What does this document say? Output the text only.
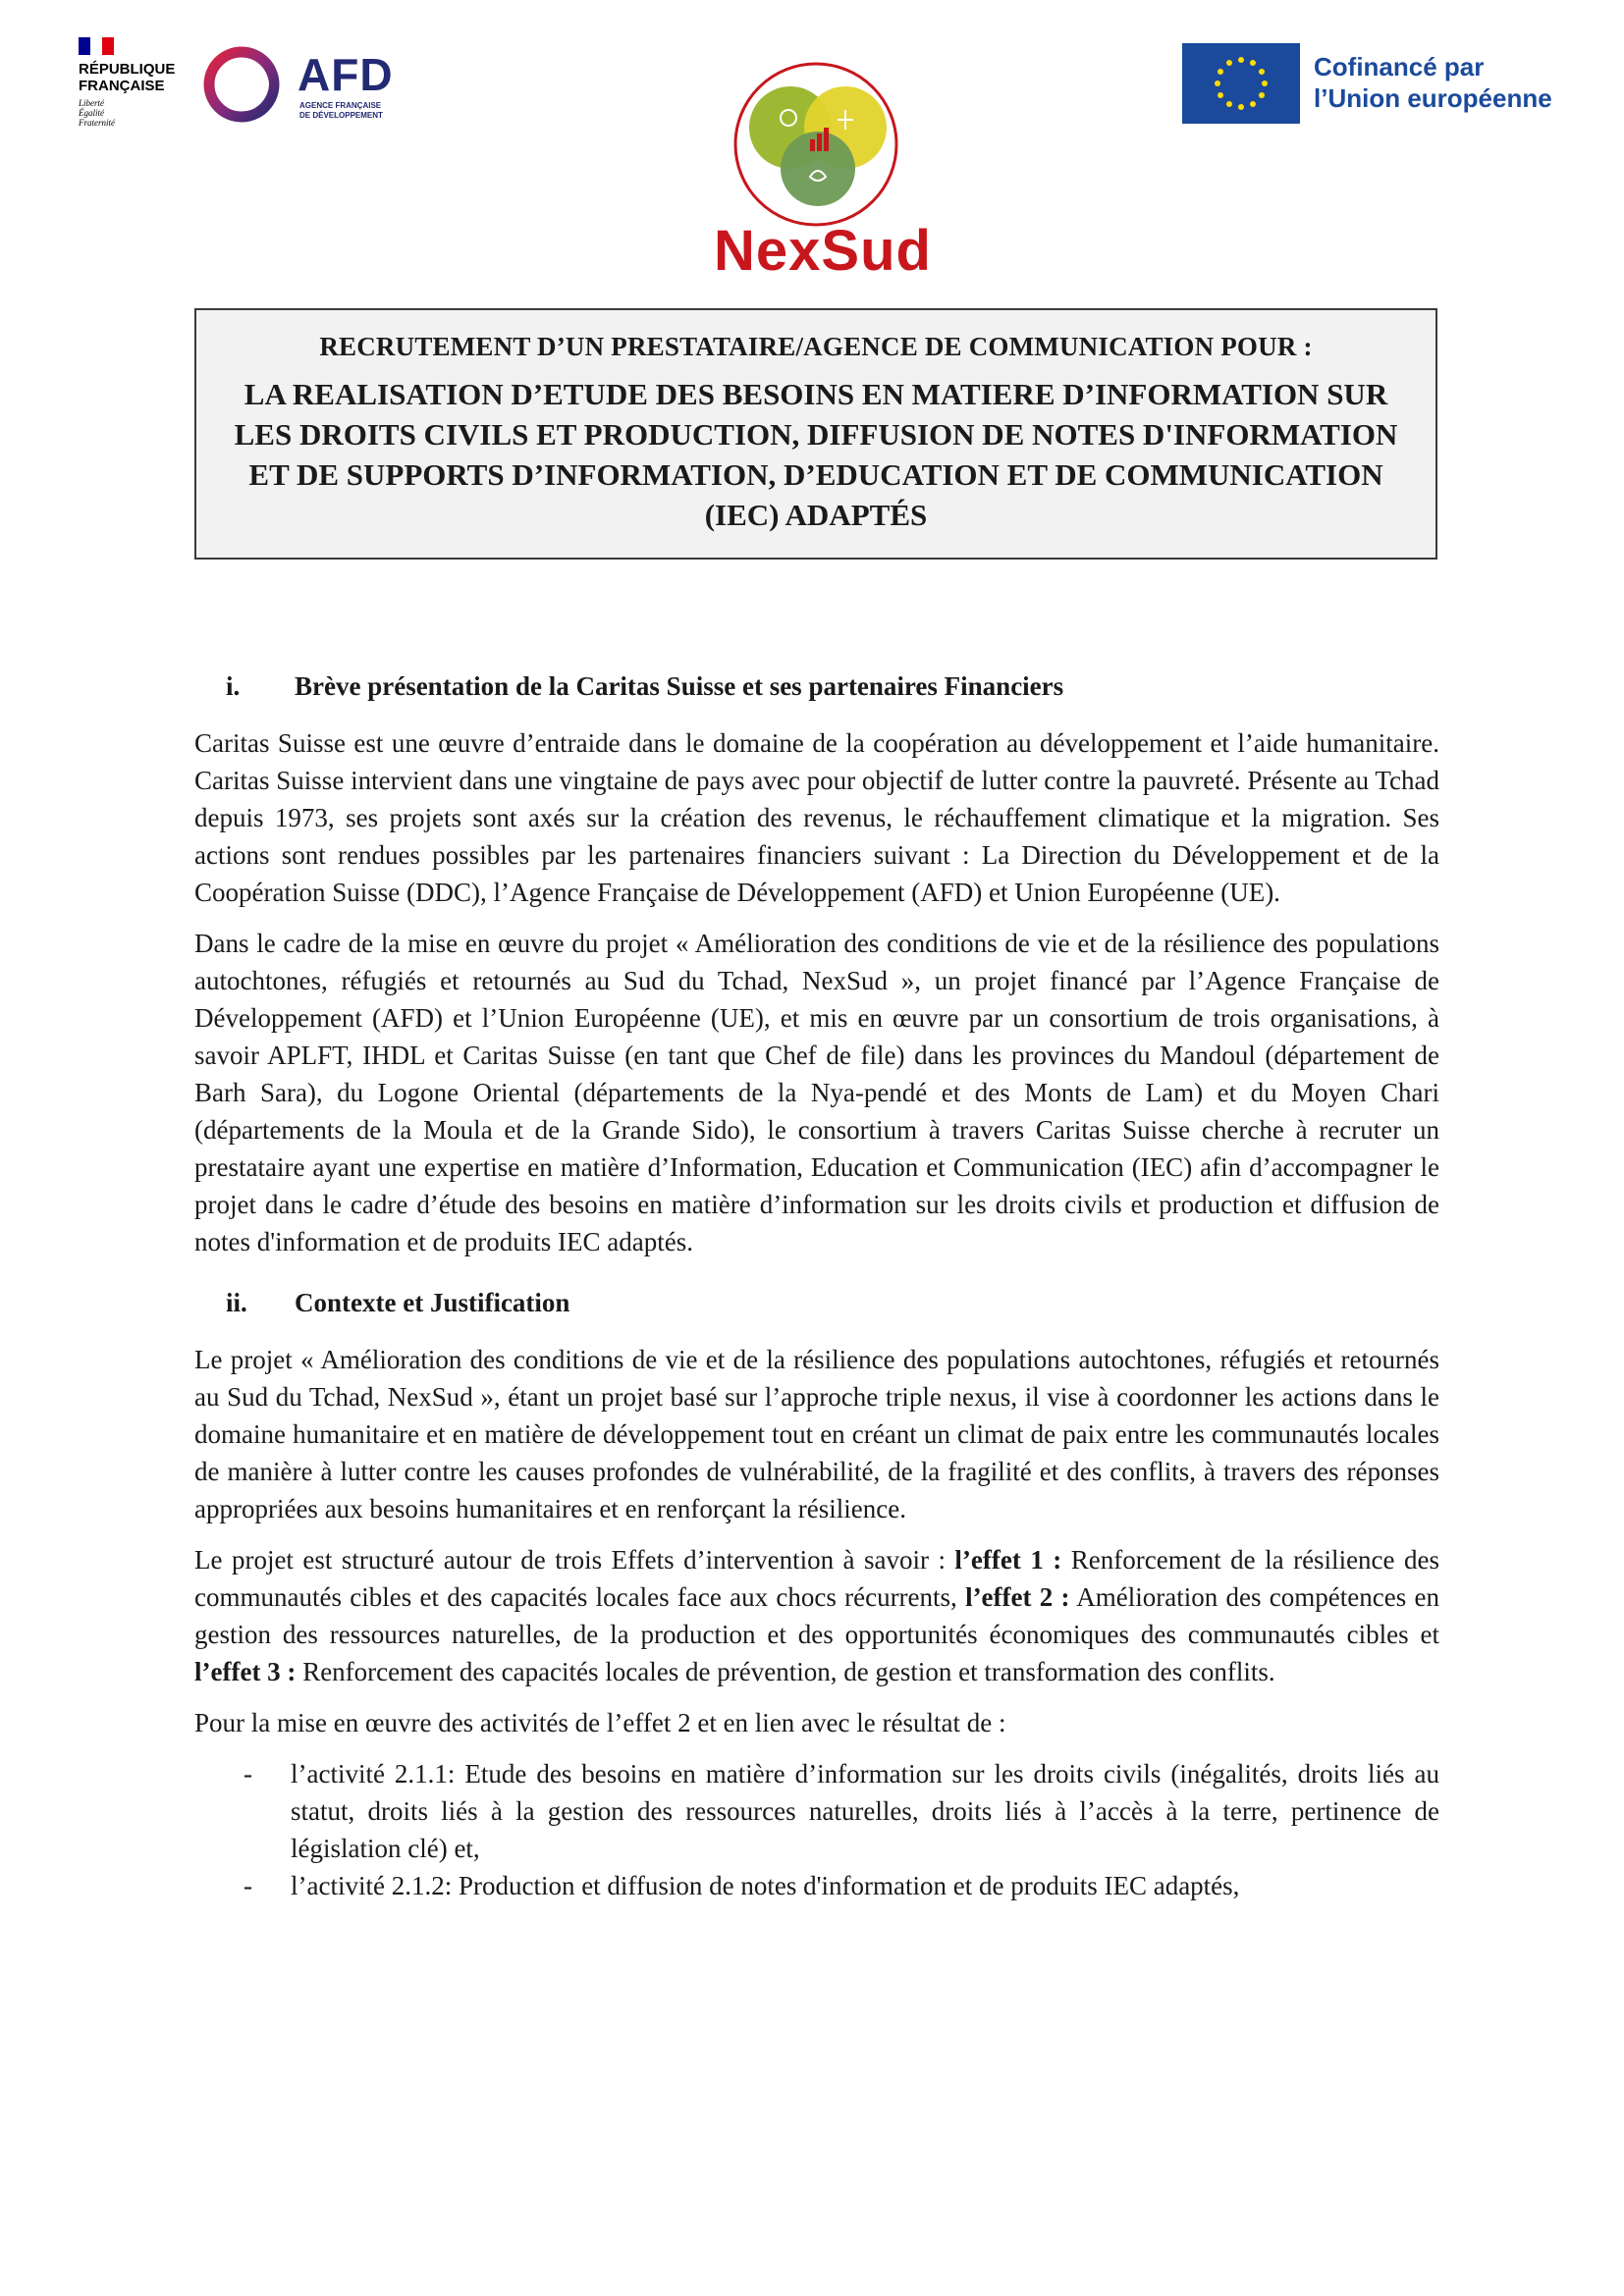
RÉPUBLIQUE
FRANÇAISE
Liberté
Égalité
Fraternité
AFD
AGENCE FRANÇAISE
DE DÉVELOPPEMENT
NexSud
Cofinancé par
l’Union européenne
RECRUTEMENT D’UN PRESTATAIRE/AGENCE DE COMMUNICATION POUR :
LA REALISATION D’ETUDE DES BESOINS EN MATIERE D’INFORMATION SUR LES DROITS CIVILS ET PRODUCTION, DIFFUSION DE NOTES D'INFORMATION ET DE SUPPORTS D’INFORMATION, D’EDUCATION ET DE COMMUNICATION (IEC) ADAPTÉS
i.	Brève présentation de la Caritas Suisse et ses partenaires Financiers

Caritas Suisse est une œuvre d’entraide dans le domaine de la coopération au développement et l’aide humanitaire. Caritas Suisse intervient dans une vingtaine de pays avec pour objectif de lutter contre la pauvreté. Présente au Tchad depuis 1973, ses projets sont axés sur la création des revenus, le réchauffement climatique et la migration. Ses actions sont rendues possibles par les partenaires financiers suivant : La Direction du Développement et de la Coopération Suisse (DDC), l’Agence Française de Développement (AFD) et Union Européenne (UE).

Dans le cadre de la mise en œuvre du projet « Amélioration des conditions de vie et de la résilience des populations autochtones, réfugiés et retournés au Sud du Tchad, NexSud », un projet financé par l’Agence Française de Développement (AFD) et l’Union Européenne (UE), et mis en œuvre par un consortium de trois organisations, à savoir APLFT, IHDL et Caritas Suisse (en tant que Chef de file) dans les provinces du Mandoul (département de Barh Sara), du Logone Oriental (départements de la Nya-pendé et des Monts de Lam) et du Moyen Chari (départements de la Moula et de la Grande Sido), le consortium à travers Caritas Suisse cherche à recruter un prestataire ayant une expertise en matière d’Information, Education et Communication (IEC) afin d’accompagner le projet dans le cadre d’étude des besoins en matière d’information sur les droits civils et production et diffusion de notes d'information et de produits IEC adaptés.

ii.	Contexte et Justification

Le projet « Amélioration des conditions de vie et de la résilience des populations autochtones, réfugiés et retournés au Sud du Tchad, NexSud », étant un projet basé sur l’approche triple nexus, il vise à coordonner les actions dans le domaine humanitaire et en matière de développement tout en créant un climat de paix entre les communautés locales de manière à lutter contre les causes profondes de vulnérabilité, de la fragilité et des conflits, à travers des réponses appropriées aux besoins humanitaires et en renforçant la résilience.

Le projet est structuré autour de trois Effets d’intervention à savoir : l’effet 1 : Renforcement de la résilience des communautés cibles et des capacités locales face aux chocs récurrents, l’effet 2 : Amélioration des compétences en gestion des ressources naturelles, de la production et des opportunités économiques des communautés cibles et l’effet 3 : Renforcement des capacités locales de prévention, de gestion et transformation des conflits.

Pour la mise en œuvre des activités de l’effet 2 et en lien avec le résultat de :

-	l’activité 2.1.1: Etude des besoins en matière d’information sur les droits civils (inégalités, droits liés au statut, droits liés à la gestion des ressources naturelles, droits liés à l’accès à la terre, pertinence de législation clé) et,
-	l’activité 2.1.2: Production et diffusion de notes d'information et de produits IEC adaptés,
